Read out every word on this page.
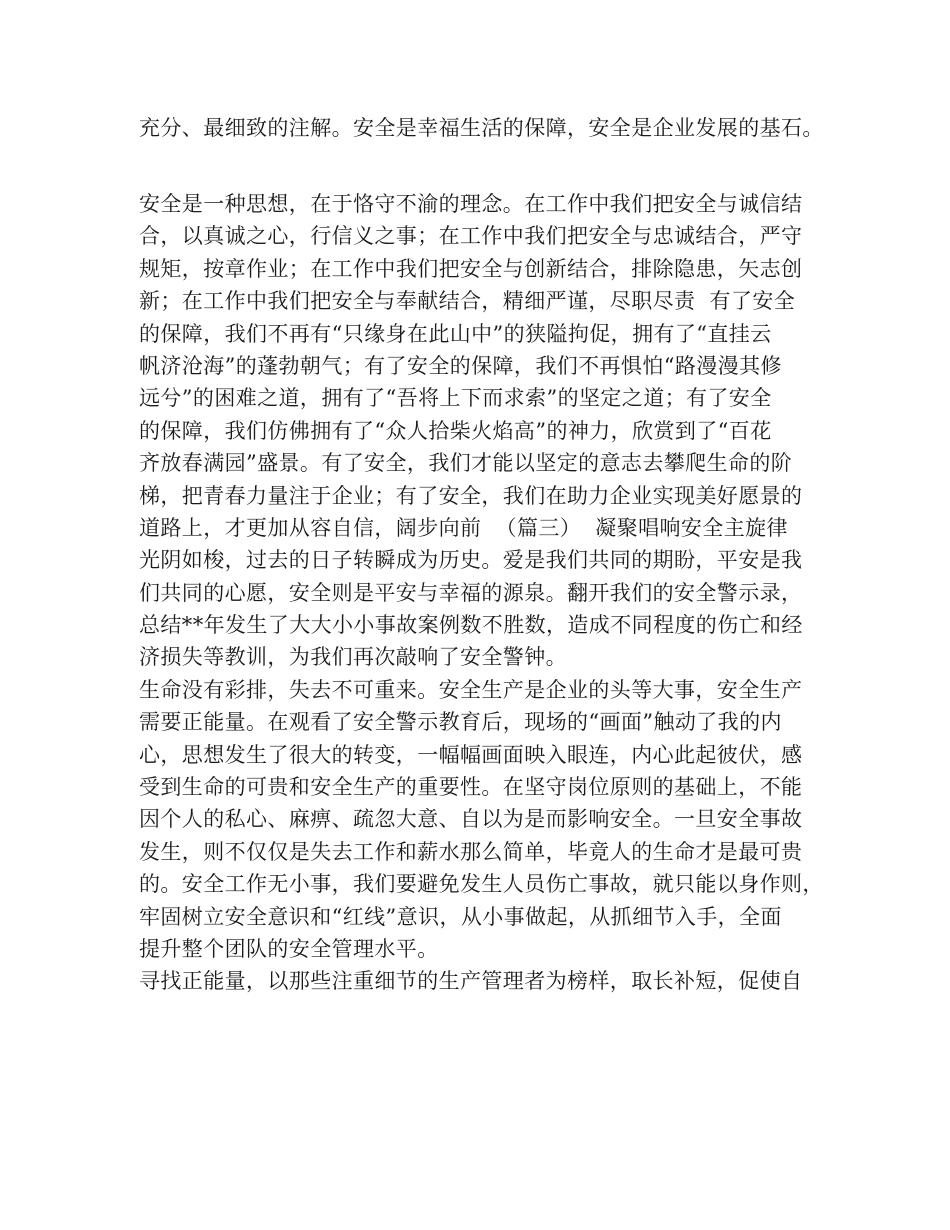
充分、最细致的注解。安全是幸福生活的保障，安全是企业发展的基石。
安全是一种思想，在于恪守不渝的理念。在工作中我们把安全与诚信结
合，以真诚之心，行信义之事；在工作中我们把安全与忠诚结合，严守
规矩，按章作业；在工作中我们把安全与创新结合，排除隐患，矢志创
新；在工作中我们把安全与奉献结合，精细严谨，尽职尽责  有了安全
的保障，我们不再有“只缘身在此山中”的狭隘拘促，拥有了“直挂云
帆济沧海”的蓬勃朝气；有了安全的保障，我们不再惧怕“路漫漫其修
远兮”的困难之道，拥有了“吾将上下而求索”的坚定之道；有了安全
的保障，我们仿佛拥有了“众人拾柴火焰高”的神力，欣赏到了“百花
齐放春满园”盛景。有了安全，我们才能以坚定的意志去攀爬生命的阶
梯，把青春力量注于企业；有了安全，我们在助力企业实现美好愿景的
道路上，才更加从容自信，阔步向前  （篇三）  凝聚唱响安全主旋律
光阴如梭，过去的日子转瞬成为历史。爱是我们共同的期盼，平安是我
们共同的心愿，安全则是平安与幸福的源泉。翻开我们的安全警示录，
总结**年发生了大大小小事故案例数不胜数，造成不同程度的伤亡和经
济损失等教训，为我们再次敲响了安全警钟。
生命没有彩排，失去不可重来。安全生产是企业的头等大事，安全生产
需要正能量。在观看了安全警示教育后，现场的“画面”触动了我的内
心，思想发生了很大的转变，一幅幅画面映入眼连，内心此起彼伏，感
受到生命的可贵和安全生产的重要性。在坚守岗位原则的基础上，不能
因个人的私心、麻痹、疏忽大意、自以为是而影响安全。一旦安全事故
发生，则不仅仅是失去工作和薪水那么简单，毕竟人的生命才是最可贵
的。安全工作无小事，我们要避免发生人员伤亡事故，就只能以身作则，
牢固树立安全意识和“红线”意识，从小事做起，从抓细节入手，全面
提升整个团队的安全管理水平。
寻找正能量，以那些注重细节的生产管理者为榜样，取长补短，促使自
